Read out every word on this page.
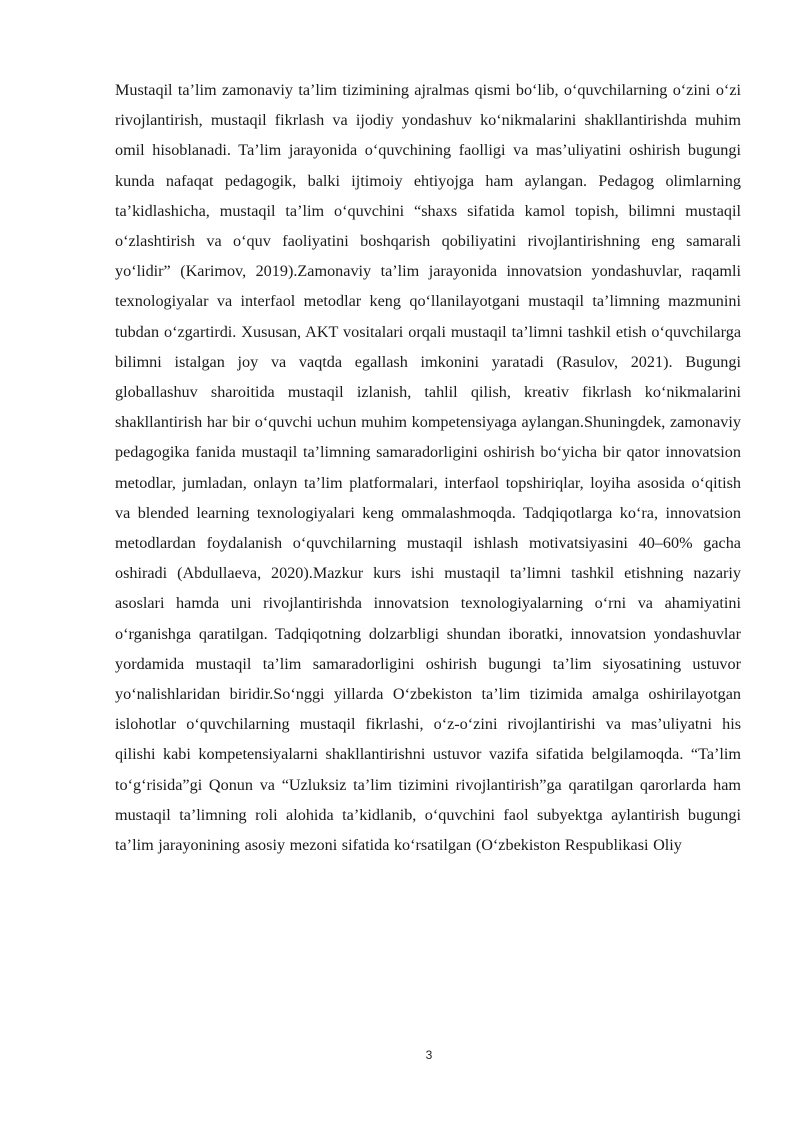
Mustaqil ta’lim zamonaviy ta’lim tizimining ajralmas qismi bo‘lib, o‘quvchilarning o‘zini o‘zi rivojlantirish, mustaqil fikrlash va ijodiy yondashuv ko‘nikmalarini shakllantirishda muhim omil hisoblanadi. Ta’lim jarayonida o‘quvchining faolligi va mas’uliyatini oshirish bugungi kunda nafaqat pedagogik, balki ijtimoiy ehtiyojga ham aylangan. Pedagog olimlarning ta’kidlashicha, mustaqil ta’lim o‘quvchini “shaxs sifatida kamol topish, bilimni mustaqil o‘zlashtirish va o‘quv faoliyatini boshqarish qobiliyatini rivojlantirishning eng samarali yo‘lidir” (Karimov, 2019).Zamonaviy ta’lim jarayonida innovatsion yondashuvlar, raqamli texnologiyalar va interfaol metodlar keng qo‘llanilayotgani mustaqil ta’limning mazmunini tubdan o‘zgartirdi. Xususan, AKT vositalari orqali mustaqil ta’limni tashkil etish o‘quvchilarga bilimni istalgan joy va vaqtda egallash imkonini yaratadi (Rasulov, 2021). Bugungi globallashuv sharoitida mustaqil izlanish, tahlil qilish, kreativ fikrlash ko‘nikmalarini shakllantirish har bir o‘quvchi uchun muhim kompetensiyaga aylangan.Shuningdek, zamonaviy pedagogika fanida mustaqil ta’limning samaradorligini oshirish bo‘yicha bir qator innovatsion metodlar, jumladan, onlayn ta’lim platformalari, interfaol topshiriqlar, loyiha asosida o‘qitish va blended learning texnologiyalari keng ommalashmoqda. Tadqiqotlarga ko‘ra, innovatsion metodlardan foydalanish o‘quvchilarning mustaqil ishlash motivatsiyasini 40–60% gacha oshiradi (Abdullaeva, 2020).Mazkur kurs ishi mustaqil ta’limni tashkil etishning nazariy asoslari hamda uni rivojlantirishda innovatsion texnologiyalarning o‘rni va ahamiyatini o‘rganishga qaratilgan. Tadqiqotning dolzarbligi shundan iboratki, innovatsion yondashuvlar yordamida mustaqil ta’lim samaradorligini oshirish bugungi ta’lim siyosatining ustuvor yo‘nalishlaridan biridir.So‘nggi yillarda O‘zbekiston ta’lim tizimida amalga oshirilayotgan islohotlar o‘quvchilarning mustaqil fikrlashi, o‘z-o‘zini rivojlantirishi va mas’uliyatni his qilishi kabi kompetensiyalarni shakllantirishni ustuvor vazifa sifatida belgilamoqda. “Ta’lim to‘g‘risida”gi Qonun va “Uzluksiz ta’lim tizimini rivojlantirish”ga qaratilgan qarorlarda ham mustaqil ta’limning roli alohida ta’kidlanib, o‘quvchini faol subyektga aylantirish bugungi ta’lim jarayonining asosiy mezoni sifatida ko‘rsatilgan (O‘zbekiston Respublikasi Oliy

3
